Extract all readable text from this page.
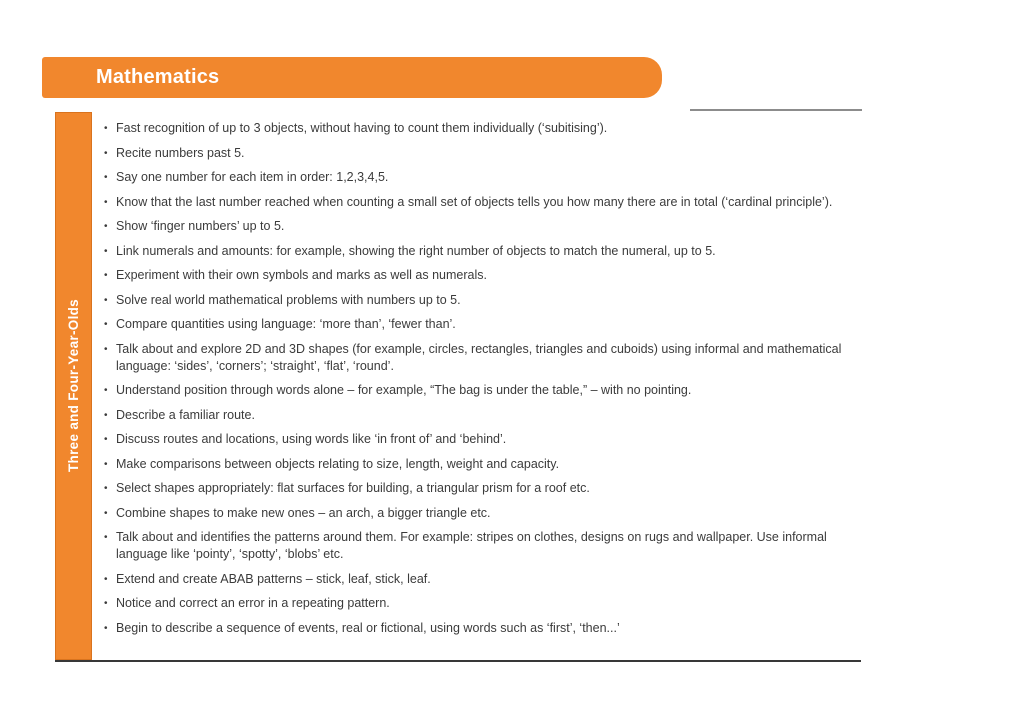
Mathematics
Three and Four-Year-Olds
• Fast recognition of up to 3 objects, without having to count them individually (‘subitising’).
• Recite numbers past 5.
• Say one number for each item in order: 1,2,3,4,5.
• Know that the last number reached when counting a small set of objects tells you how many there are in total (‘cardinal principle’).
• Show ‘finger numbers’ up to 5.
• Link numerals and amounts: for example, showing the right number of objects to match the numeral, up to 5.
• Experiment with their own symbols and marks as well as numerals.
• Solve real world mathematical problems with numbers up to 5.
• Compare quantities using language: ‘more than’, ‘fewer than’.
• Talk about and explore 2D and 3D shapes (for example, circles, rectangles, triangles and cuboids) using informal and mathematical language: ‘sides’, ‘corners’; ‘straight’, ‘flat’, ‘round’.
• Understand position through words alone – for example, “The bag is under the table,” – with no pointing.
• Describe a familiar route.
• Discuss routes and locations, using words like ‘in front of’ and ‘behind’.
• Make comparisons between objects relating to size, length, weight and capacity.
• Select shapes appropriately: flat surfaces for building, a triangular prism for a roof etc.
• Combine shapes to make new ones – an arch, a bigger triangle etc.
• Talk about and identifies the patterns around them. For example: stripes on clothes, designs on rugs and wallpaper. Use informal language like ‘pointy’, ‘spotty’, ‘blobs’ etc.
• Extend and create ABAB patterns – stick, leaf, stick, leaf.
• Notice and correct an error in a repeating pattern.
• Begin to describe a sequence of events, real or fictional, using words such as ‘first’, ‘then...’
